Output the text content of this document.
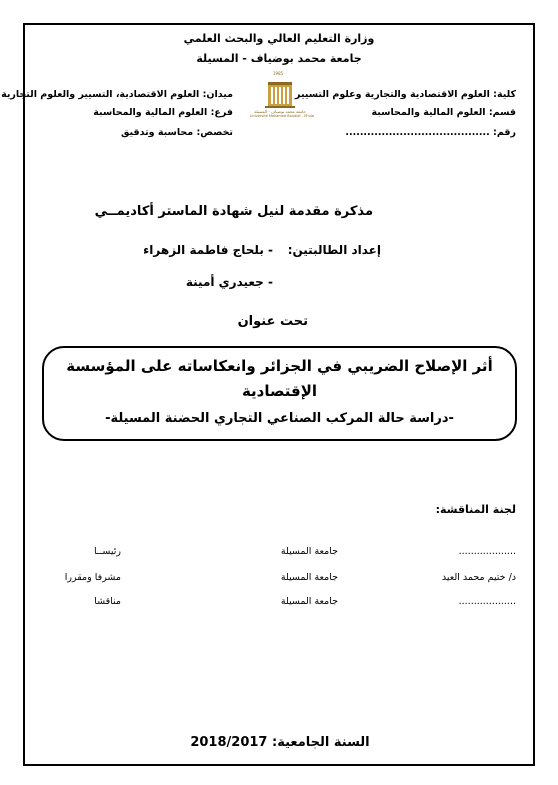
وزارة التعليم العالي والبحث العلمي
جامعة محمد بوضياف - المسيلة
كلية: العلوم الاقتصادية والتجارية وعلوم التسيير
قسم: العلوم المالية والمحاسبة
رقم: ........................................
ميدان: العلوم الاقتصادية، التسيير والعلوم التجارية
فرع: العلوم المالية والمحاسبة
تخصص: محاسبة وتدقيق
1985
جامعة محمد بوضياف - المسيلة
Université Mohamed Boudiaf - M'sila
مذكرة مقدمة لنيل شهادة الماستر أكاديمــي
إعداد الطالبتين:
- بلحاج فاطمة الزهراء
- جعيدري أمينة
تحت عنوان
أثر الإصلاح الضريبي في الجزائر وانعكاساته على المؤسسة
الإقتصادية
-دراسة حالة المركب الصناعي التجاري الحضنة المسيلة-
لجنة المناقشة:
...................
جامعة المسيلة
رئيســا
د/ ختيم محمد العيد
جامعة المسيلة
مشرفا ومقررا
...................
جامعة المسيلة
مناقشا
السنة الجامعية: 2018/2017
